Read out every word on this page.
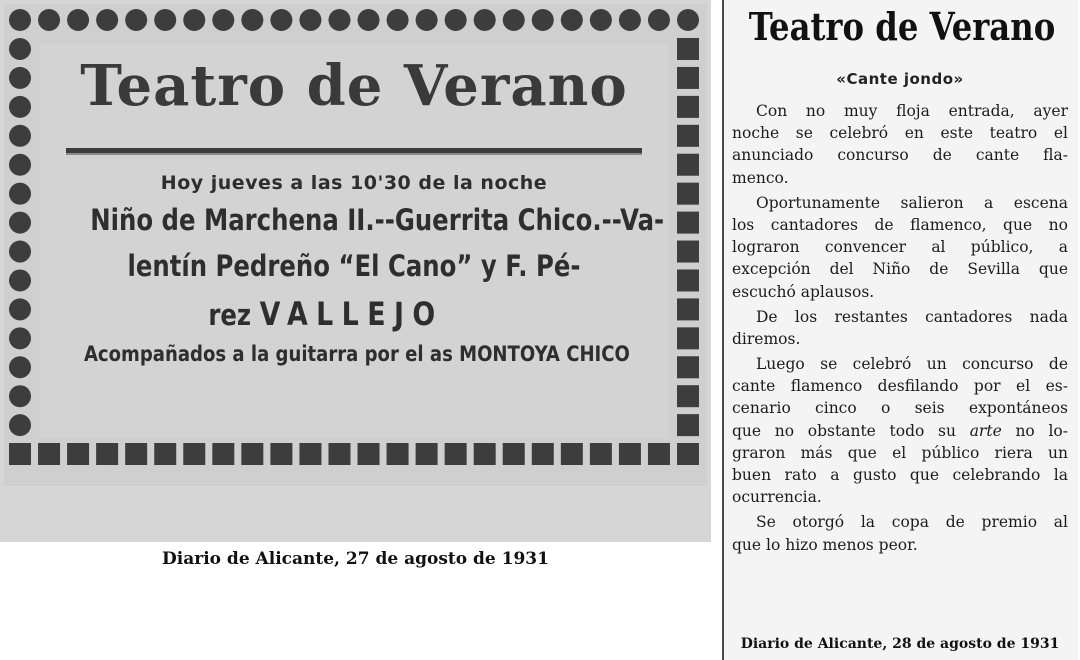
Teatro de Verano
Hoy jueves a las 10'30 de la noche
Niño de Marchena II.--Guerrita Chico.--Va-
lentín Pedreño “El Cano” y F. Pé-
rez VALLEJO
Acompañados a la guitarra por el as MONTOYA CHICO
Diario de Alicante, 27 de agosto de 1931
Teatro de Verano
«Cante jondo»
Con no muy floja entrada, ayer
noche se celebró en este teatro el
anunciado concurso de cante fla-
menco.
Oportunamente salieron a escena
los cantadores de flamenco, que no
lograron convencer al público, a
excepción del Niño de Sevilla que
escuchó aplausos.
De los restantes cantadores nada
diremos.
Luego se celebró un concurso de
cante flamenco desfilando por el es-
cenario cinco o seis expontáneos
que no obstante todo su arte no lo-
graron más que el público riera un
buen rato a gusto que celebrando la
ocurrencia.
Se otorgó la copa de premio al
que lo hizo menos peor.
Diario de Alicante, 28 de agosto de 1931
